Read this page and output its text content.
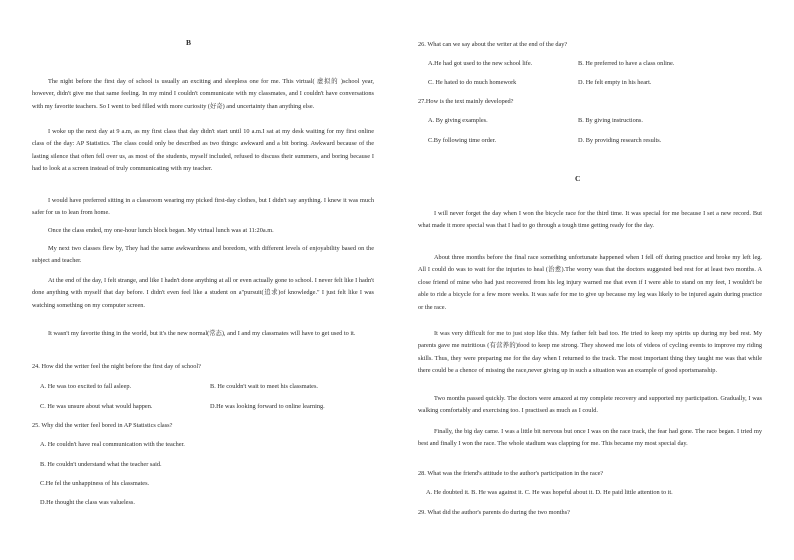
B

The night before the first day of school is usually an exciting and sleepless one for me. This virtual( 虚拟的 )school year, however, didn't give me that same feeling. In my mind I couldn't communicate with my classmates, and I couldn't have conversations with my favorite teachers. So I went to bed filled with more curiosity (好奇) and uncertainty than anything else.

I woke up the next day at 9 a.m, as my first class that day didn't start until 10 a.m.I sat at my desk waiting for my first online class of the day: AP Statistics. The class could only be described as two things: awkward and a bit boring. Awkward because of the lasting silence that often fell over us, as most of the students, myself included, refused to discuss their summers, and boring because I had to look at a screen instead of truly communicating with my teacher.

I would have preferred sitting in a classroom wearing my picked first-day clothes, but I didn't say anything. I knew it was much safer for us to lean from home.

Once the class ended, my one-hour lunch block began. My virtual lunch was at 11:20a.m.

My next two classes flew by, They had the same awkwardness and boredom, with different levels of enjoyability based on the subject and teacher.

At the end of the day, I felt strange, and like I hadn't done anything at all or even actually gone to school. I never felt like I hadn't done anything with myself that day before. I didn't even feel like a student on a"pursuit(追求)of knowledge." I just felt like I was watching something on my computer screen.

It wasn't my favorite thing in the world, but it's the new normal(常态), and I and my classmates will have to get used to it.

24. How did the writer feel the night before the first day of school?
A. He was too excited to fall asleep.	B. He couldn't wait to meet his classmates.
C. He was unsure about what would happen.	D.He was looking forward to online learning.
25. Why did the writer feel bored in AP Statistics class?
A. He couldn't have real communication with the teacher.
B. He couldn't understand what the teacher said.
C.He fel the unhappiness of his classmates.
D.He thought the class was valueless.
26. What can we say about the writer at the end of the day?
A.He had got used to the new school life.	B. He preferred to have a class online.
C. He hated to do much homework	D. He felt empty in his heart.
27.How is the text mainly developed?
A. By giving examples.	B. By giving instructions.
C.By following time order.	D. By providing research results.
C

I will never forget the day when I won the bicycle race for the third time. It was special for me because I set a new record. But what made it more special was that I had to go through a tough time getting ready for the day.

About three months before the final race something unfortunate happened when I fell off during practice and broke my left leg. All I could do was to wait for the injuries to heal (治愈).The worry was that the doctors suggested bed rest for at least two months. A close friend of mine who had just recovered from his leg injury warned me that even if I were able to stand on my feet, I wouldn't be able to ride a bicycle for a few more weeks. It was safe for me to give up because my leg was likely to be injured again during practice or the race.

It was very difficult for me to just stop like this. My father felt bad too. He tried to keep my spirits up during my bed rest. My parents gave me nutritious (有营养的)food to keep me strong. They showed me lots of videos of cycling events to improve my riding skills. Thus, they were preparing me for the day when I returned to the track. The most important thing they taught me was that while there could be a chence of missing the race,never giving up in such a situation was an example of good sportsmanship.

Two months passed quickly. The doctors were amazed at my complete recovery and supported my participation. Gradually, I was walking comfortably and exercising too. I practised as much as I could.

Finally, the big day came. I was a little bit nervous but once I was on the race track, the fear had gone. The race began. I tried my best and finally I won the race. The whole stadium was clapping for me. This became my most special day.

28. What was the friend's attitude to the author's participation in the race?
A. He doubted it. B. He was against it. C. He was hopeful about it. D. He paid little attention to it.
29. What did the author's parents do during the two months?
